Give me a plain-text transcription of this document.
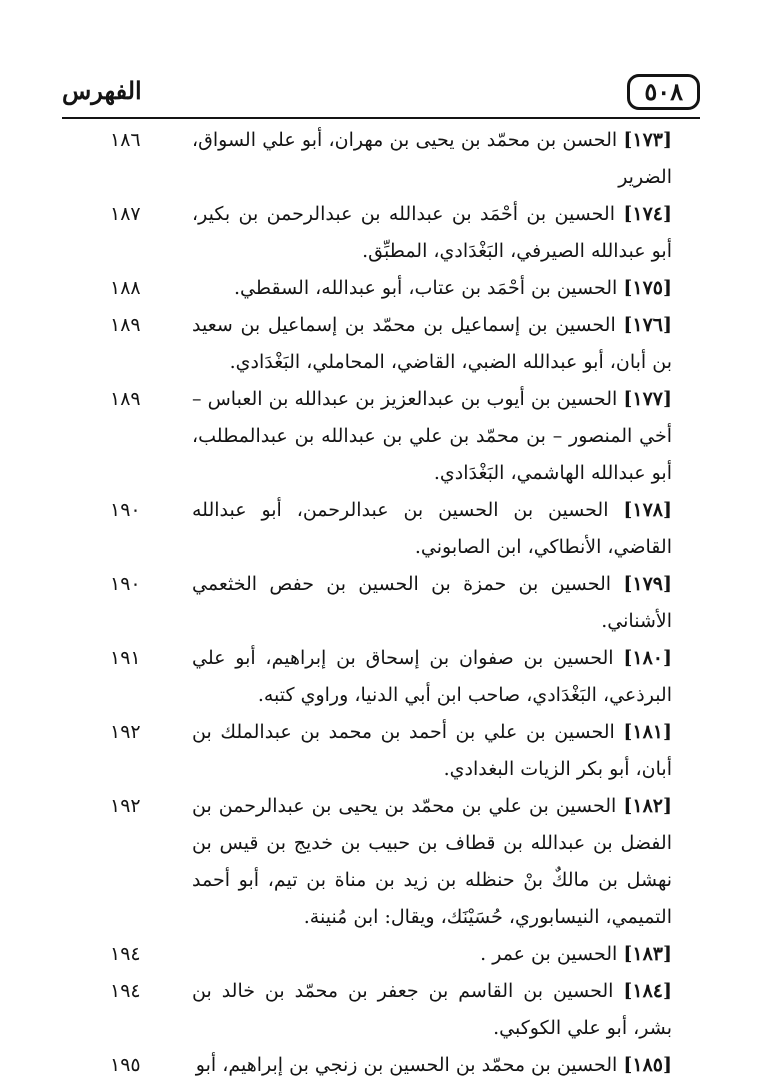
٥٠٨
الفهرس
[١٧٣] الحسن بن محمّد بن يحيى بن مهران، أبو علي السواق، الضرير
١٨٦
[١٧٤] الحسين بن أحْمَد بن عبدالله بن عبدالرحمن بن بكير، أبو عبدالله الصيرفي، البَغْدَادي، المطبِّق.
١٨٧
[١٧٥] الحسين بن أحْمَد بن عتاب، أبو عبدالله، السقطي.
١٨٨
[١٧٦] الحسين بن إسماعيل بن محمّد بن إسماعيل بن سعيد بن أبان، أبو عبدالله الضبي، القاضي، المحاملي، البَغْدَادي.
١٨٩
[١٧٧] الحسين بن أيوب بن عبدالعزيز بن عبدالله بن العباس – أخي المنصور – بن محمّد بن علي بن عبدالله بن عبدالمطلب، أبو عبدالله الهاشمي، البَغْدَادي.
١٨٩
[١٧٨] الحسين بن الحسين بن عبدالرحمن، أبو عبدالله القاضي، الأنطاكي، ابن الصابوني.
١٩٠
[١٧٩] الحسين بن حمزة بن الحسين بن حفص الخثعمي الأشناني.
١٩٠
[١٨٠] الحسين بن صفوان بن إسحاق بن إبراهيم، أبو علي البرذعي، البَغْدَادي، صاحب ابن أبي الدنيا، وراوي كتبه.
١٩١
[١٨١] الحسين بن علي بن أحمد بن محمد بن عبدالملك بن أبان، أبو بكر الزيات البغدادي.
١٩٢
[١٨٢] الحسين بن علي بن محمّد بن يحيى بن عبدالرحمن بن الفضل بن عبدالله بن قطاف بن حبيب بن خديج بن قيس بن نهشل بن مالكٌ بنْ حنظله بن زيد بن مناة بن تيم، أبو أحمد التميمي، النيسابوري، حُسَيْنَك، ويقال: ابن مُنينة.
١٩٢
[١٨٣] الحسين بن عمر .
١٩٤
[١٨٤] الحسين بن القاسم بن جعفر بن محمّد بن خالد بن بشر، أبو علي الكوكبي.
١٩٤
[١٨٥] الحسين بن محمّد بن الحسين بن زنجي بن إبراهيم، أبو
١٩٥
